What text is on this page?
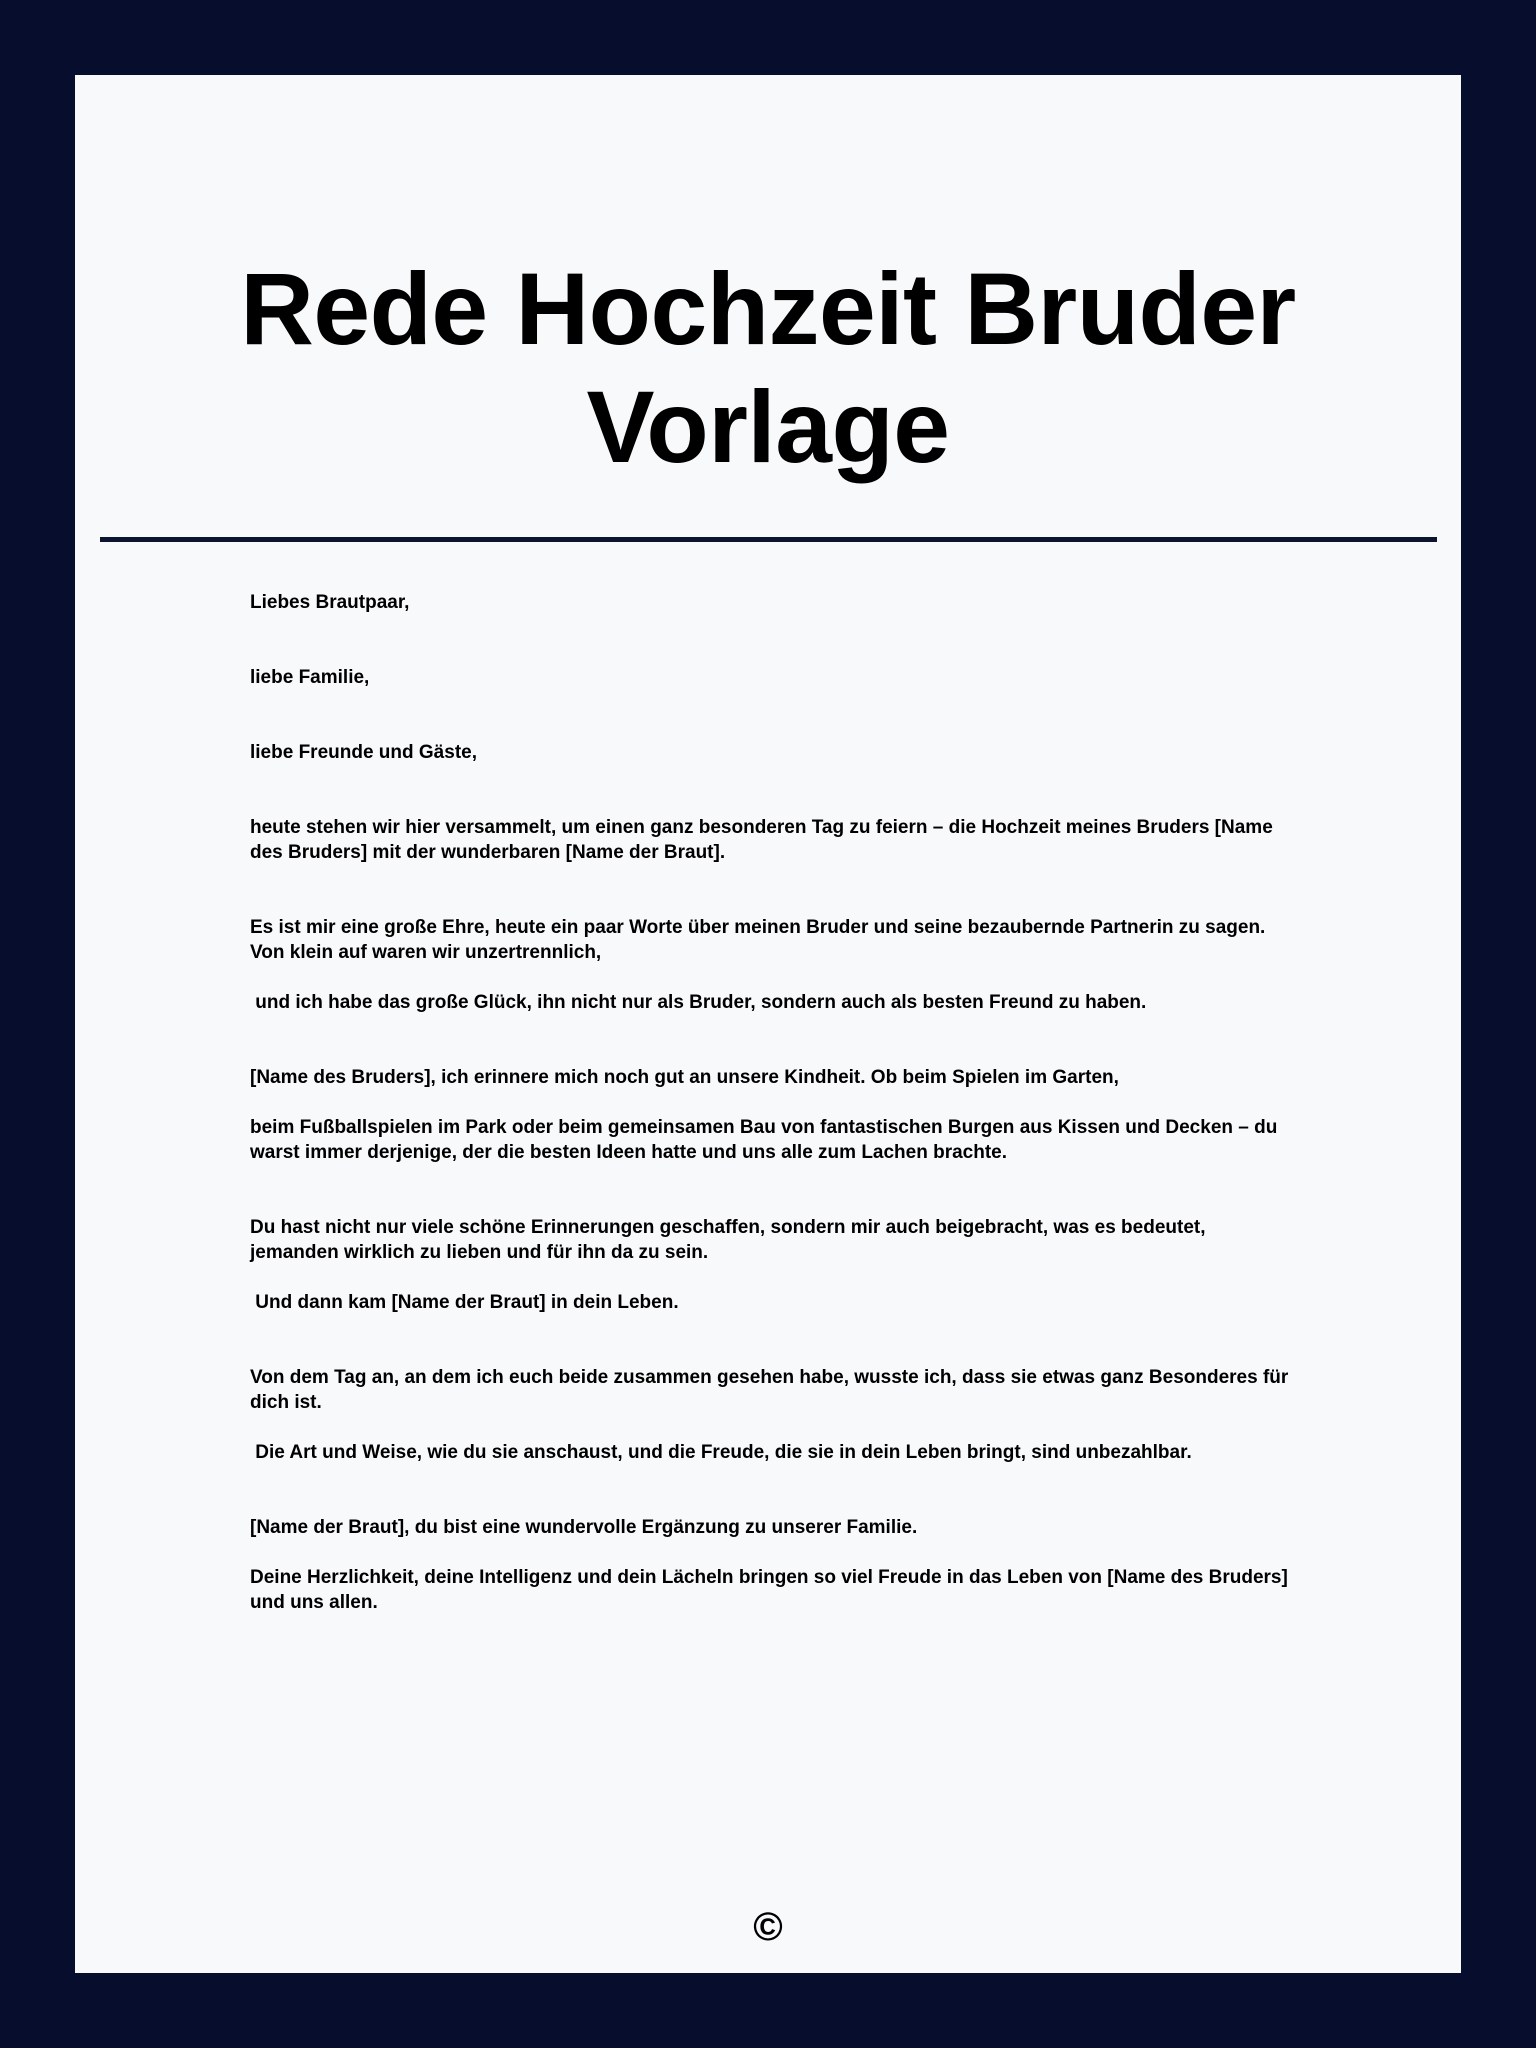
Rede Hochzeit Bruder Vorlage

Liebes Brautpaar,

liebe Familie,

liebe Freunde und Gäste,

heute stehen wir hier versammelt, um einen ganz besonderen Tag zu feiern – die Hochzeit meines Bruders [Name des Bruders] mit der wunderbaren [Name der Braut].

Es ist mir eine große Ehre, heute ein paar Worte über meinen Bruder und seine bezaubernde Partnerin zu sagen. Von klein auf waren wir unzertrennlich,

und ich habe das große Glück, ihn nicht nur als Bruder, sondern auch als besten Freund zu haben.

[Name des Bruders], ich erinnere mich noch gut an unsere Kindheit. Ob beim Spielen im Garten,

beim Fußballspielen im Park oder beim gemeinsamen Bau von fantastischen Burgen aus Kissen und Decken – du warst immer derjenige, der die besten Ideen hatte und uns alle zum Lachen brachte.

Du hast nicht nur viele schöne Erinnerungen geschaffen, sondern mir auch beigebracht, was es bedeutet, jemanden wirklich zu lieben und für ihn da zu sein.

Und dann kam [Name der Braut] in dein Leben.

Von dem Tag an, an dem ich euch beide zusammen gesehen habe, wusste ich, dass sie etwas ganz Besonderes für dich ist.

Die Art und Weise, wie du sie anschaust, und die Freude, die sie in dein Leben bringt, sind unbezahlbar.

[Name der Braut], du bist eine wundervolle Ergänzung zu unserer Familie.

Deine Herzlichkeit, deine Intelligenz und dein Lächeln bringen so viel Freude in das Leben von [Name des Bruders] und uns allen.

©
